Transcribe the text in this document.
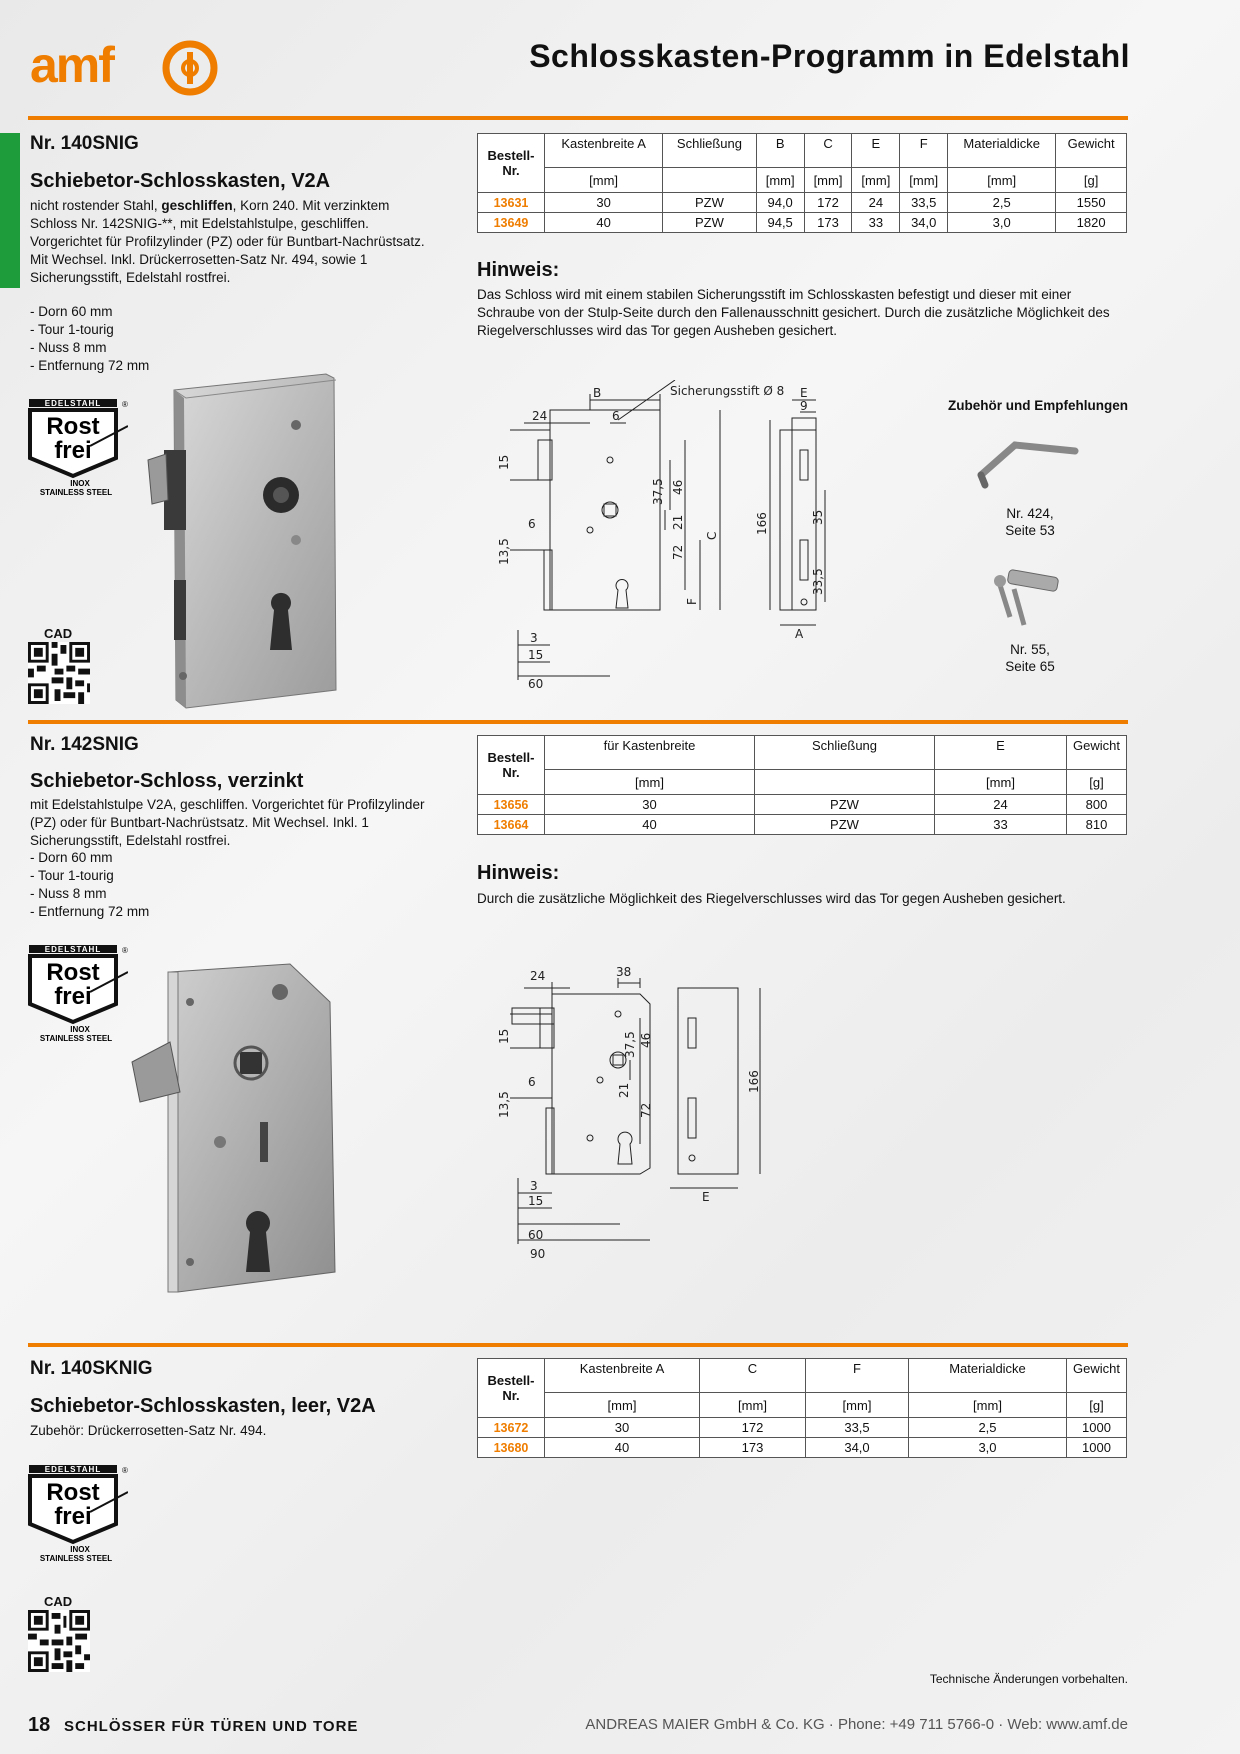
amf	Schlosskasten-Programm in Edelstahl
Nr. 140SNIG
Schiebetor-Schlosskasten, V2A
nicht rostender Stahl, geschliffen, Korn 240. Mit verzinktem Schloss Nr. 142SNIG-**, mit Edelstahlstulpe, geschliffen. Vorgerichtet für Profilzylinder (PZ) oder für Buntbart-Nachrüstsatz. Mit Wechsel. Inkl. Drückerrosetten-Satz Nr. 494, sowie 1 Sicherungsstift, Edelstahl rostfrei.
- Dorn 60 mm
- Tour 1-tourig
- Nuss 8 mm
- Entfernung 72 mm
EDELSTAHL	®
Rost
frei
INOX
STAINLESS STEEL
CAD
Bestell-Nr.	Kastenbreite A	Schließung	B	C	E	F	Materialdicke	Gewicht
	[mm]		[mm]	[mm]	[mm]	[mm]	[mm]	[g]
13631	30	PZW	94,0	172	24	33,5	2,5	1550
13649	40	PZW	94,5	173	33	34,0	3,0	1820
Hinweis:
Das Schloss wird mit einem stabilen Sicherungsstift im Schlosskasten befestigt und dieser mit einer Schraube von der Stulp-Seite durch den Fallenausschnitt gesichert. Durch die zusätzliche Möglichkeit des Riegelverschlusses wird das Tor gegen Ausheben gesichert.
B
24	6
Sicherungsstift Ø 8
15
37,5 46
6	21
13,5	72
C
F
3
15
60
E
9
166	35
33,5
A
Zubehör und Empfehlungen
Nr. 424,
Seite 53
Nr. 55,
Seite 65
Nr. 142SNIG
Schiebetor-Schloss, verzinkt
mit Edelstahlstulpe V2A, geschliffen. Vorgerichtet für Profilzylinder (PZ) oder für Buntbart-Nachrüstsatz. Mit Wechsel. Inkl. 1 Sicherungsstift, Edelstahl rostfrei.
- Dorn 60 mm
- Tour 1-tourig
- Nuss 8 mm
- Entfernung 72 mm
EDELSTAHL	®
Rost
frei
INOX
STAINLESS STEEL
Bestell-Nr.	für Kastenbreite	Schließung	E	Gewicht
	[mm]		[mm]	[g]
13656	30	PZW	24	800
13664	40	PZW	33	810
Hinweis:
Durch die zusätzliche Möglichkeit des Riegelverschlusses wird das Tor gegen Ausheben gesichert.
24	38
15	37,5 46
13,5
6
21
72
3
15
60
90
166
E
Nr. 140SKNIG
Schiebetor-Schlosskasten, leer, V2A
Zubehör: Drückerrosetten-Satz Nr. 494.
EDELSTAHL	®
Rost
frei
INOX
STAINLESS STEEL
CAD
Bestell-Nr.	Kastenbreite A	C	F	Materialdicke	Gewicht
	[mm]	[mm]	[mm]	[mm]	[g]
13672	30	172	33,5	2,5	1000
13680	40	173	34,0	3,0	1000
Technische Änderungen vorbehalten.
18 SCHLÖSSER FÜR TÜREN UND TORE	ANDREAS MAIER GmbH & Co. KG · Phone: +49 711 5766-0 · Web: www.amf.de
